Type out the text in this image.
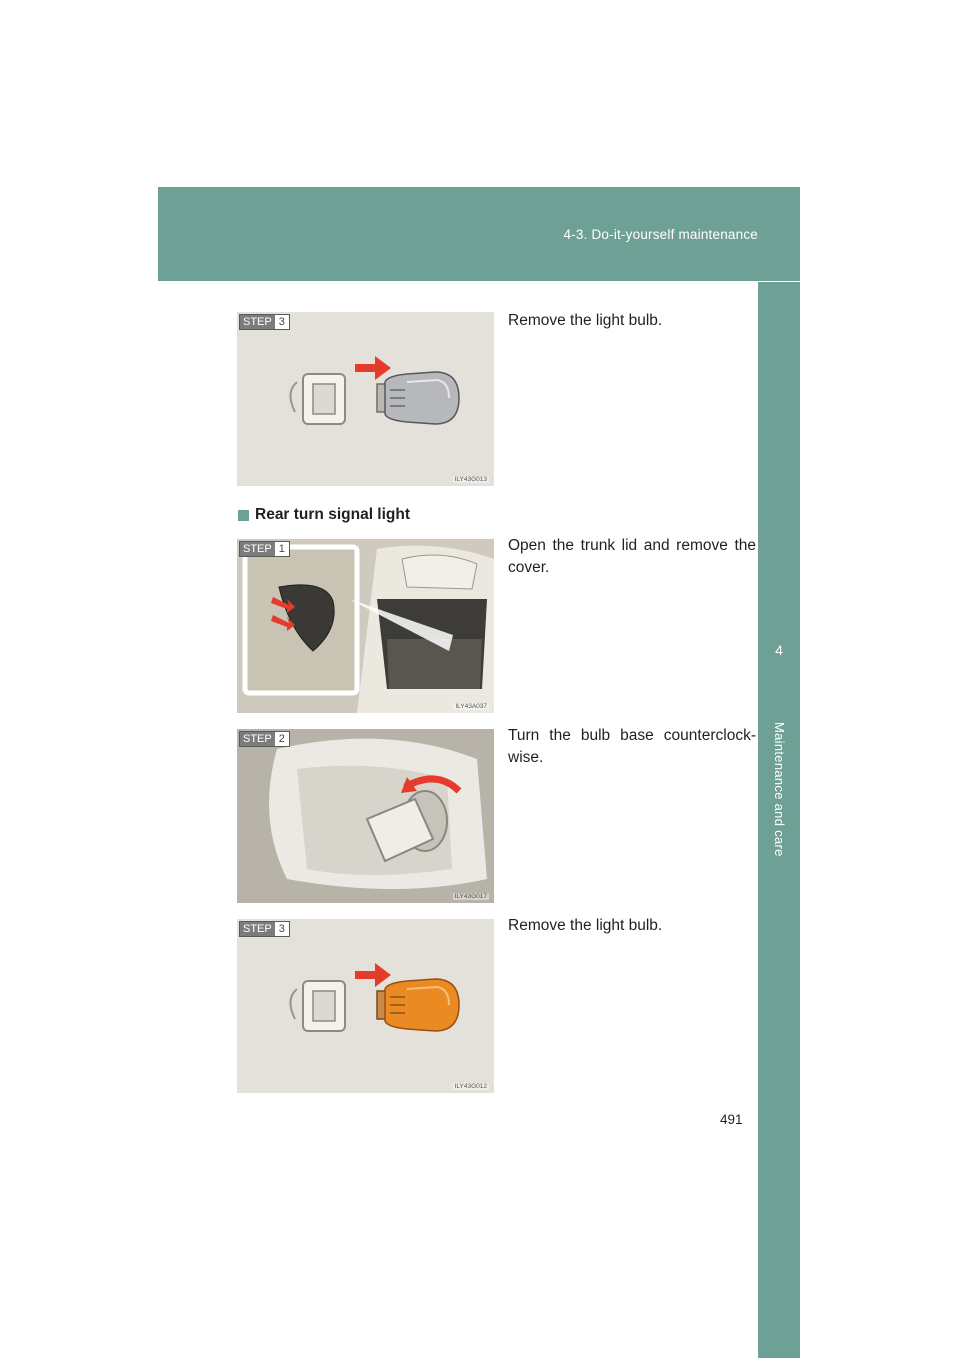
4-3. Do-it-yourself maintenance
4
Maintenance and care
STEP 3
ILY43G013
Remove the light bulb.
Rear turn signal light
STEP 1
ILY43A037
Open the trunk lid and remove the cover.
STEP 2
ILY43G017
Turn the bulb base counterclock-wise.
STEP 3
ILY43G012
Remove the light bulb.
491
